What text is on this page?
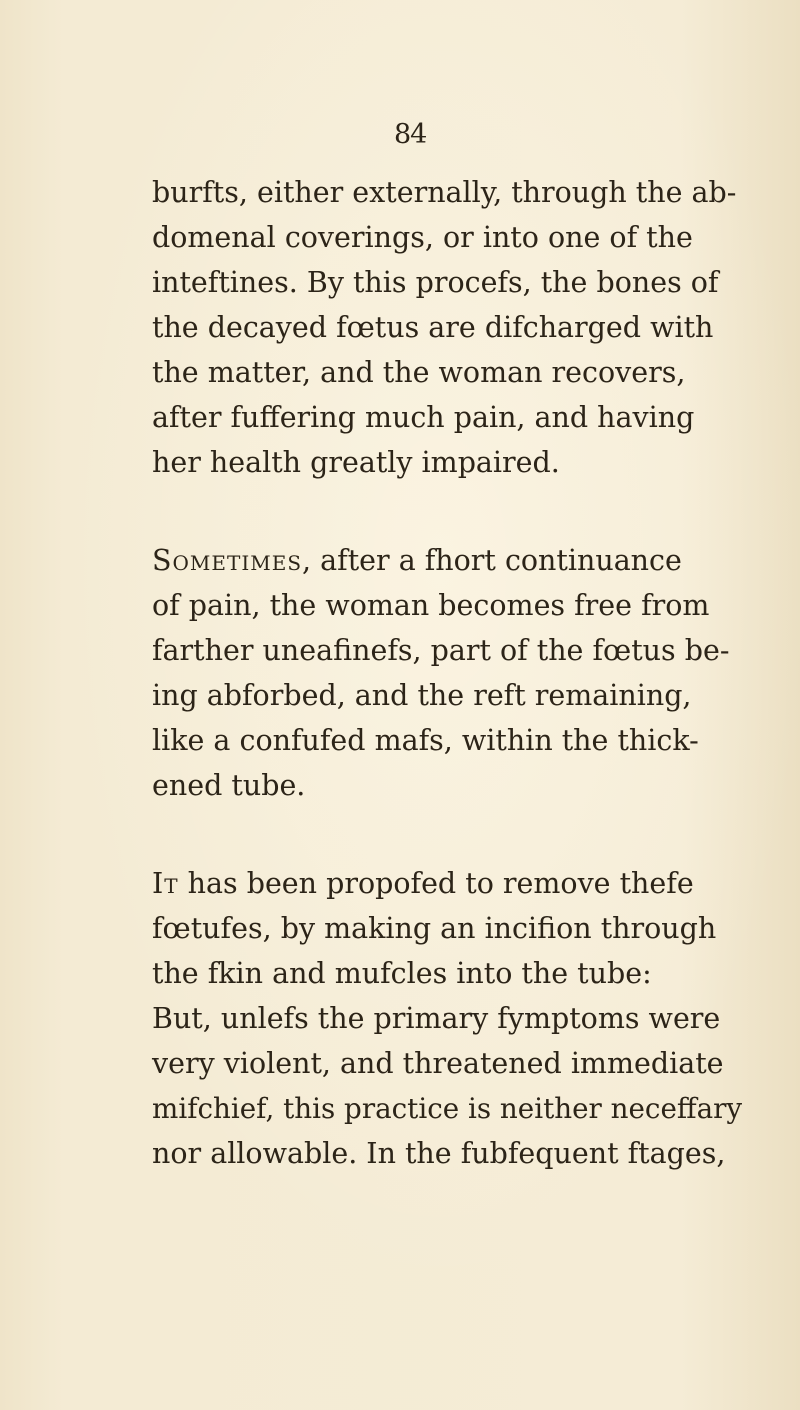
84
burfts, either externally, through the ab-
domenal coverings, or into one of the
inteftines. By this procefs, the bones of
the decayed fœtus are difcharged with
the matter, and the woman recovers,
after fuffering much pain, and having
her health greatly impaired.
Sometimes, after a fhort continuance
of pain, the woman becomes free from
farther uneafinefs, part of the fœtus be-
ing abforbed, and the reft remaining,
like a confufed mafs, within the thick-
ened tube.
It has been propofed to remove thefe
fœtufes, by making an incifion through
the fkin and mufcles into the tube:
But, unlefs the primary fymptoms were
very violent, and threatened immediate
mifchief, this practice is neither neceffary
nor allowable. In the fubfequent ftages,
